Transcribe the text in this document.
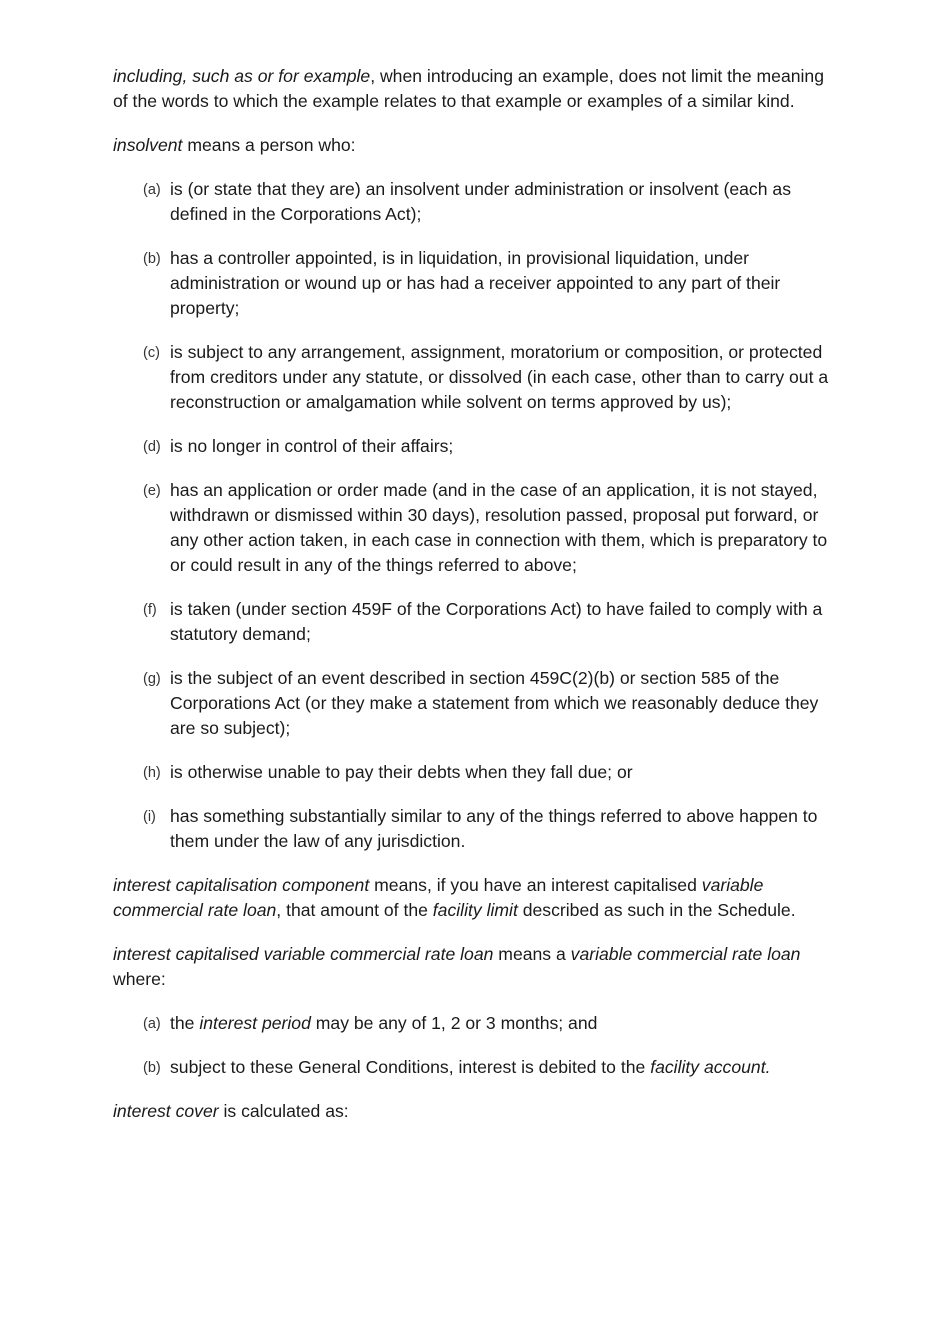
including, such as or for example, when introducing an example, does not limit the meaning of the words to which the example relates to that example or examples of a similar kind.

insolvent means a person who:

(a) is (or state that they are) an insolvent under administration or insolvent (each as defined in the Corporations Act);
(b) has a controller appointed, is in liquidation, in provisional liquidation, under administration or wound up or has had a receiver appointed to any part of their property;
(c) is subject to any arrangement, assignment, moratorium or composition, or protected from creditors under any statute, or dissolved (in each case, other than to carry out a reconstruction or amalgamation while solvent on terms approved by us);
(d) is no longer in control of their affairs;
(e) has an application or order made (and in the case of an application, it is not stayed, withdrawn or dismissed within 30 days), resolution passed, proposal put forward, or any other action taken, in each case in connection with them, which is preparatory to or could result in any of the things referred to above;
(f) is taken (under section 459F of the Corporations Act) to have failed to comply with a statutory demand;
(g) is the subject of an event described in section 459C(2)(b) or section 585 of the Corporations Act (or they make a statement from which we reasonably deduce they are so subject);
(h) is otherwise unable to pay their debts when they fall due; or
(i) has something substantially similar to any of the things referred to above happen to them under the law of any jurisdiction.

interest capitalisation component means, if you have an interest capitalised variable commercial rate loan, that amount of the facility limit described as such in the Schedule.

interest capitalised variable commercial rate loan means a variable commercial rate loan where:

(a) the interest period may be any of 1, 2 or 3 months; and
(b) subject to these General Conditions, interest is debited to the facility account.

interest cover is calculated as:
